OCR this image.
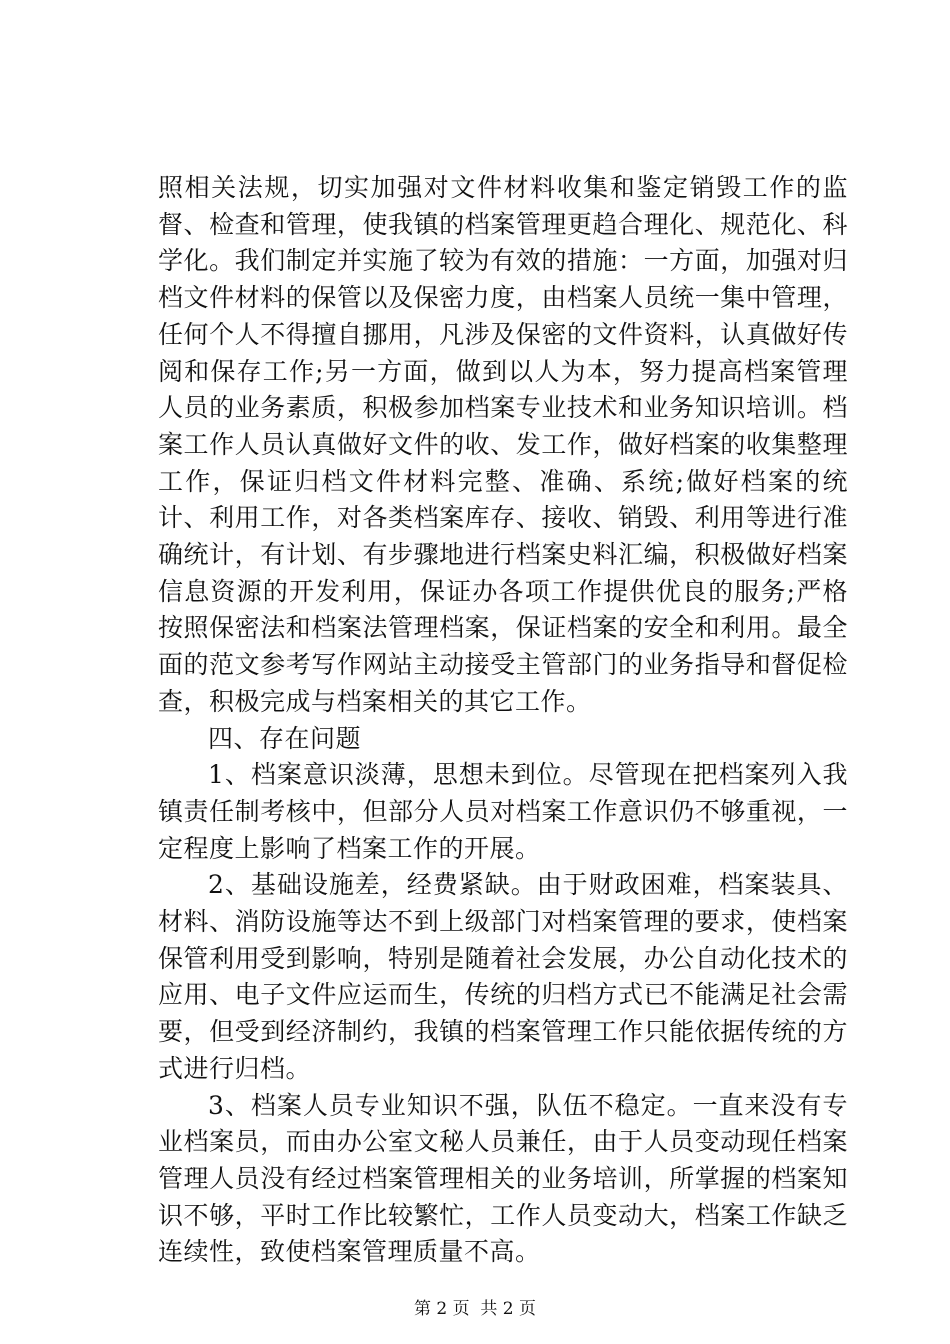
照相关法规，切实加强对文件材料收集和鉴定销毁工作的监督、检查和管理，使我镇的档案管理更趋合理化、规范化、科学化。我们制定并实施了较为有效的措施：一方面，加强对归档文件材料的保管以及保密力度，由档案人员统一集中管理，任何个人不得擅自挪用，凡涉及保密的文件资料，认真做好传阅和保存工作;另一方面，做到以人为本，努力提高档案管理人员的业务素质，积极参加档案专业技术和业务知识培训。档案工作人员认真做好文件的收、发工作，做好档案的收集整理工作，保证归档文件材料完整、准确、系统;做好档案的统计、利用工作，对各类档案库存、接收、销毁、利用等进行准确统计，有计划、有步骤地进行档案史料汇编，积极做好档案信息资源的开发利用，保证办各项工作提供优良的服务;严格按照保密法和档案法管理档案，保证档案的安全和利用。最全面的范文参考写作网站主动接受主管部门的业务指导和督促检查，积极完成与档案相关的其它工作。

四、存在问题

1、档案意识淡薄，思想未到位。尽管现在把档案列入我镇责任制考核中，但部分人员对档案工作意识仍不够重视，一定程度上影响了档案工作的开展。

2、基础设施差，经费紧缺。由于财政困难，档案装具、材料、消防设施等达不到上级部门对档案管理的要求，使档案保管利用受到影响，特别是随着社会发展，办公自动化技术的应用、电子文件应运而生，传统的归档方式已不能满足社会需要，但受到经济制约，我镇的档案管理工作只能依据传统的方式进行归档。

3、档案人员专业知识不强，队伍不稳定。一直来没有专业档案员，而由办公室文秘人员兼任，由于人员变动现任档案管理人员没有经过档案管理相关的业务培训，所掌握的档案知识不够，平时工作比较繁忙，工作人员变动大，档案工作缺乏连续性，致使档案管理质量不高。

第 2 页  共 2 页
